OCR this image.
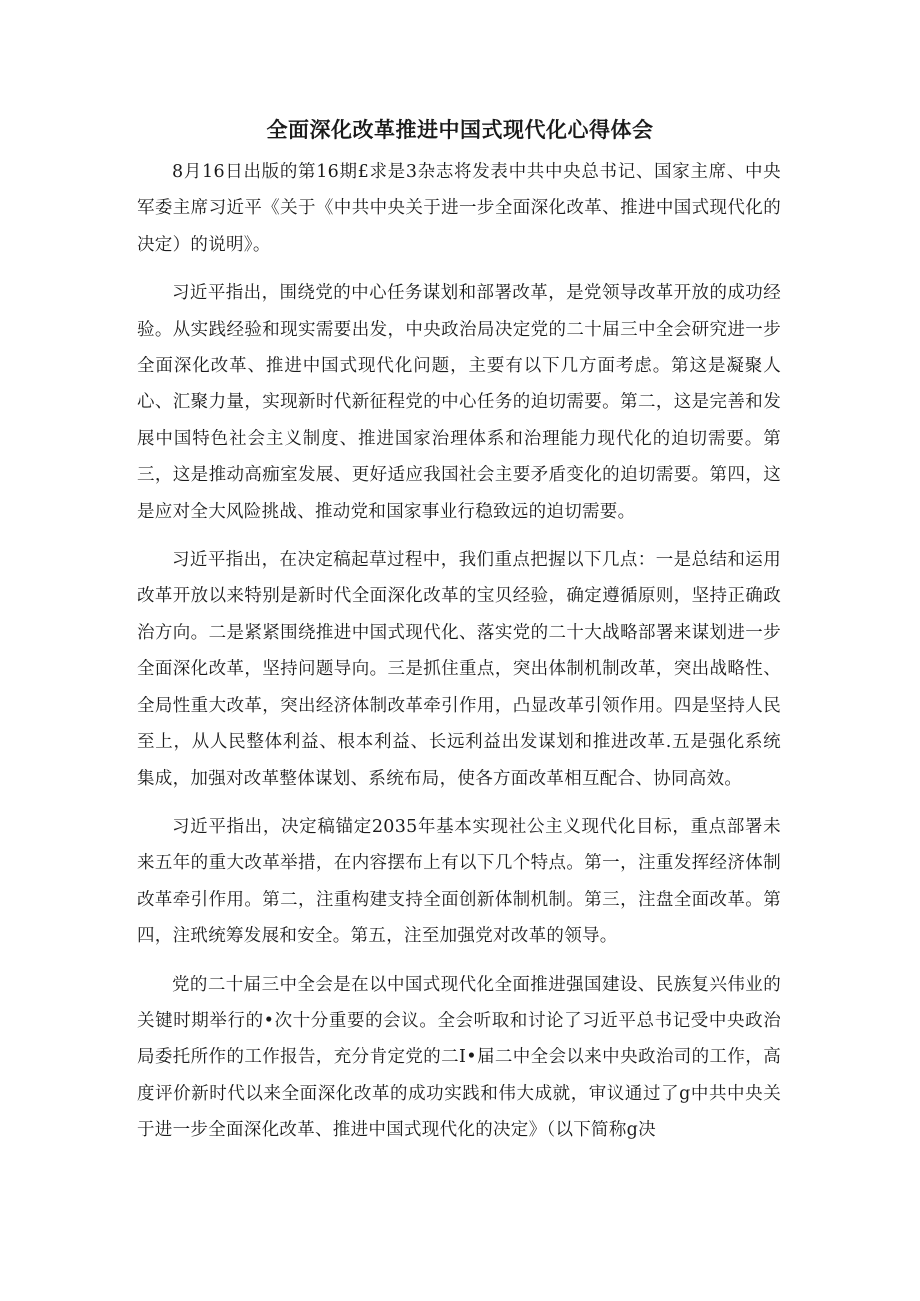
全面深化改革推进中国式现代化心得体会

8月16日出版的第16期£求是3杂志将发表中共中央总书记、国家主席、中央军委主席习近平《关于《中共中央关于进一步全面深化改革、推进中国式现代化的决定）的说明》。

习近平指出，围绕党的中心任务谋划和部署改革，是党领导改革开放的成功经验。从实践经验和现实需要出发，中央政治局决定党的二十届三中全会研究进一步全面深化改革、推进中国式现代化问题，主要有以下几方面考虑。第这是凝聚人心、汇聚力量，实现新时代新征程党的中心任务的迫切需要。第二，这是完善和发展中国特色社会主义制度、推进国家治理体系和治理能力现代化的迫切需要。第三，这是推动高痂室发展、更好适应我国社会主要矛盾变化的迫切需要。第四，这是应对全大风险挑战、推动党和国家事业行稳致远的迫切需要。

习近平指出，在决定稿起草过程中，我们重点把握以下几点：一是总结和运用改革开放以来特别是新时代全面深化改革的宝贝经验，确定遵循原则，坚持正确政治方向。二是紧紧围绕推进中国式现代化、落实党的二十大战略部署来谋划进一步全面深化改革，坚持问题导向。三是抓住重点，突出体制机制改革，突出战略性、全局性重大改革，突出经济体制改革牵引作用，凸显改革引领作用。四是坚持人民至上，从人民整体利益、根本利益、长远利益出发谋划和推进改革.五是强化系统集成，加强对改革整体谋划、系统布局，使各方面改革相互配合、协同高效。

习近平指出，决定稿锚定2035年基本实现社公主义现代化目标，重点部署未来五年的重大改革举措，在内容摆布上有以下几个特点。第一，注重发挥经济体制改革牵引作用。第二，注重构建支持全面创新体制机制。第三，注盘全面改革。第四，注玳统筹发展和安全。第五，注至加强党对改革的领导。

党的二十届三中全会是在以中国式现代化全面推进强国建设、民族复兴伟业的关键时期举行的•次十分重要的会议。全会听取和讨论了习近平总书记受中央政治局委托所作的工作报告，充分肯定党的二I•届二中全会以来中央政治司的工作，高度评价新时代以来全面深化改革的成功实践和伟大成就，审议通过了g中共中央关于进一步全面深化改革、推进中国式现代化的决定》（以下简称g决
